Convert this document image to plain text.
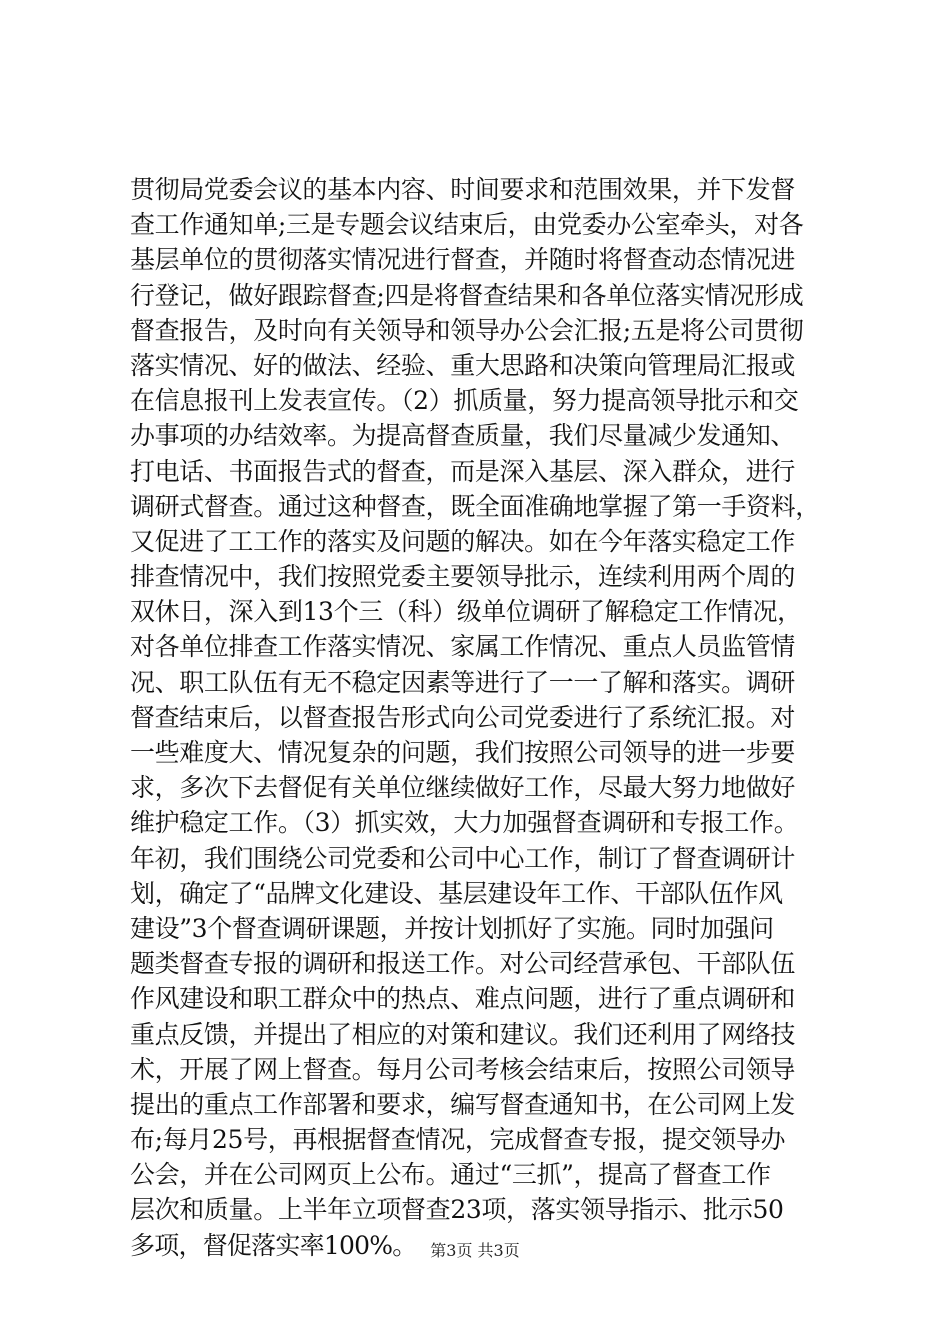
贯彻局党委会议的基本内容、时间要求和范围效果，并下发督
查工作通知单;三是专题会议结束后，由党委办公室牵头，对各
基层单位的贯彻落实情况进行督查，并随时将督查动态情况进
行登记，做好跟踪督查;四是将督查结果和各单位落实情况形成
督查报告，及时向有关领导和领导办公会汇报;五是将公司贯彻
落实情况、好的做法、经验、重大思路和决策向管理局汇报或
在信息报刊上发表宣传。（2）抓质量，努力提高领导批示和交
办事项的办结效率。为提高督查质量，我们尽量减少发通知、
打电话、书面报告式的督查，而是深入基层、深入群众，进行
调研式督查。通过这种督查，既全面准确地掌握了第一手资料，
又促进了工工作的落实及问题的解决。如在今年落实稳定工作
排查情况中，我们按照党委主要领导批示，连续利用两个周的
双休日，深入到13个三（科）级单位调研了解稳定工作情况，
对各单位排查工作落实情况、家属工作情况、重点人员监管情
况、职工队伍有无不稳定因素等进行了一一了解和落实。调研
督查结束后，以督查报告形式向公司党委进行了系统汇报。对
一些难度大、情况复杂的问题，我们按照公司领导的进一步要
求，多次下去督促有关单位继续做好工作，尽最大努力地做好
维护稳定工作。（3）抓实效，大力加强督查调研和专报工作。
年初，我们围绕公司党委和公司中心工作，制订了督查调研计
划，确定了“品牌文化建设、基层建设年工作、干部队伍作风
建设”3个督查调研课题，并按计划抓好了实施。同时加强问
题类督查专报的调研和报送工作。对公司经营承包、干部队伍
作风建设和职工群众中的热点、难点问题，进行了重点调研和
重点反馈，并提出了相应的对策和建议。我们还利用了网络技
术，开展了网上督查。每月公司考核会结束后，按照公司领导
提出的重点工作部署和要求，编写督查通知书，在公司网上发
布;每月25号，再根据督查情况，完成督查专报，提交领导办
公会，并在公司网页上公布。通过“三抓”，提高了督查工作
层次和质量。上半年立项督查23项，落实领导指示、批示50
多项，督促落实率100%。 第3页 共3页
